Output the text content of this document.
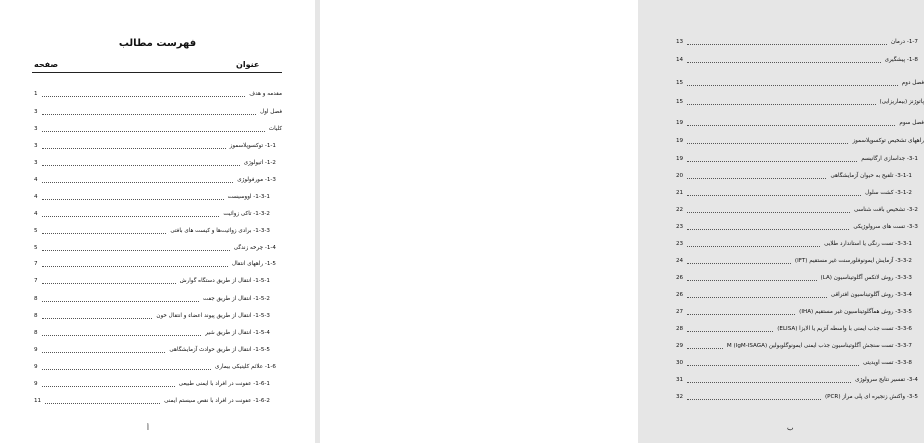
فهرست مطالب
عنوان
صفحه
مقدمه و هدف
1
فصل اول
3
کلیات
3
1-1- توکسوپلاسموز
3
1-2- اتیولوژی
3
1-3- مورفولوژی
4
1-3-1- اووسیست
4
1-3-2- تاکی زوائیت
4
1-3-3- برادی زوائیت‌ها و کیست های بافتی
5
1-4- چرخه زندگی
5
1-5- راههای انتقال
7
1-5-1- انتقال از طریق دستگاه گوارش
7
1-5-2- انتقال از طریق جفت
8
1-5-3- انتقال از طریق پیوند اعضاء و انتقال خون
8
1-5-4- انتقال از طریق شیر
8
1-5-5- انتقال از طریق حوادث آزمایشگاهی
9
1-6- علائم کلینیکی بیماری
9
1-6-1- عفونت در افراد با ایمنی طبیعی
9
1-6-2- عفونت در افراد با نقص سیستم ایمنی
11
أ
1-7- درمان
13
1-8- پیشگیری
14
فصل دوم
15
پاتوژنز (بیماریزایی)
15
فصل سوم
19
راههای تشخیص توکسوپلاسموز
19
3-1- جداسازی ارگانیسم
19
3-1-1- تلقیح به حیوان آزمایشگاهی
20
3-1-2- کشت سلول
21
3-2- تشخیص بافت شناسی
22
3-3- تست های سرولوژیکی
23
3-3-1- تست رنگی یا استاندارد طلایی
23
3-3-2- آزمایش ایمونوفلورسنت غیر مستقیم (IFT)
24
3-3-3- روش لاتکس آگلوتیناسیون (LA)
26
3-3-4- روش آگلوتیناسیون افتراقی
26
3-3-5- روش همآگلوتیناسیون غیر مستقیم (IHA)
27
3-3-6- تست جذب ایمنی با واسطه آنزیم یا الایزا (ELISA)
28
3-3-7- تست سنجش آگلوتیناسیون جذب ایمنی ایمونوگلوبولین M (IgM-ISAGA)
29
3-3-8- تست اویدیتی
30
3-4- تفسیر نتایج سرولوژی
31
3-5- واکنش زنجیره ای پلی مراز (PCR)
32
ب
